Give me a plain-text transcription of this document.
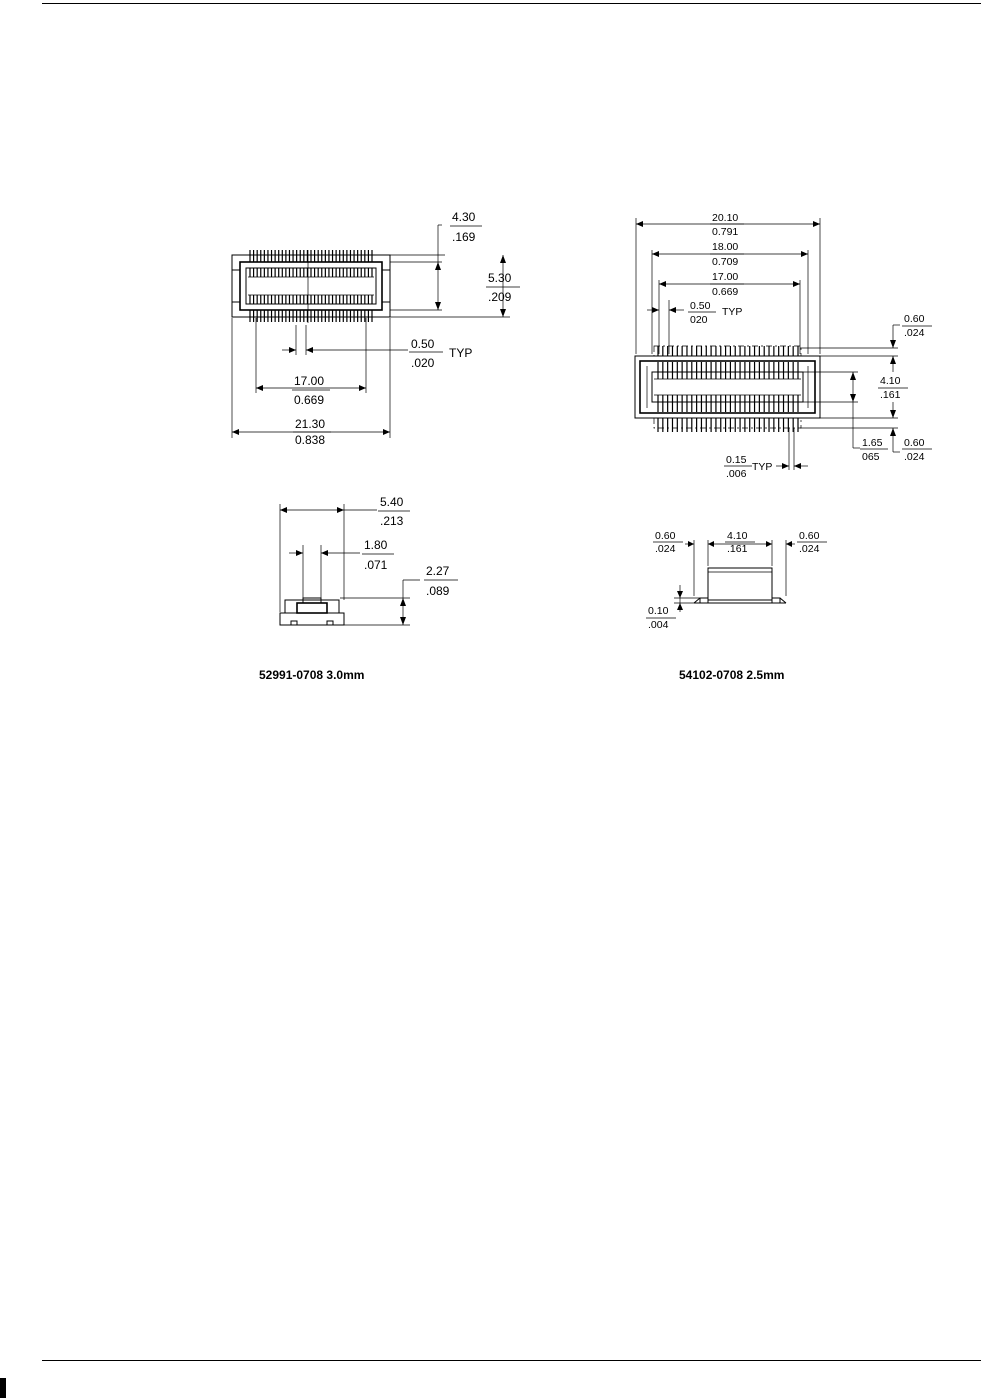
4.30
.169
5.30
.209
0.50
.020
TYP
17.00
0.669
21.30
0.838
5.40
.213
1.80
.071	2.27
.089
20.10
0.791
18.00
0.709
17.00
0.669
0.50
020
TYP
0.60
.024
4.10
.161
1.65
065
0.60
.024
0.15
.006
TYP
0.60
.024
4.10
.161
0.60
.024
0.10
.004
52991-0708 3.0mm	54102-0708 2.5mm
